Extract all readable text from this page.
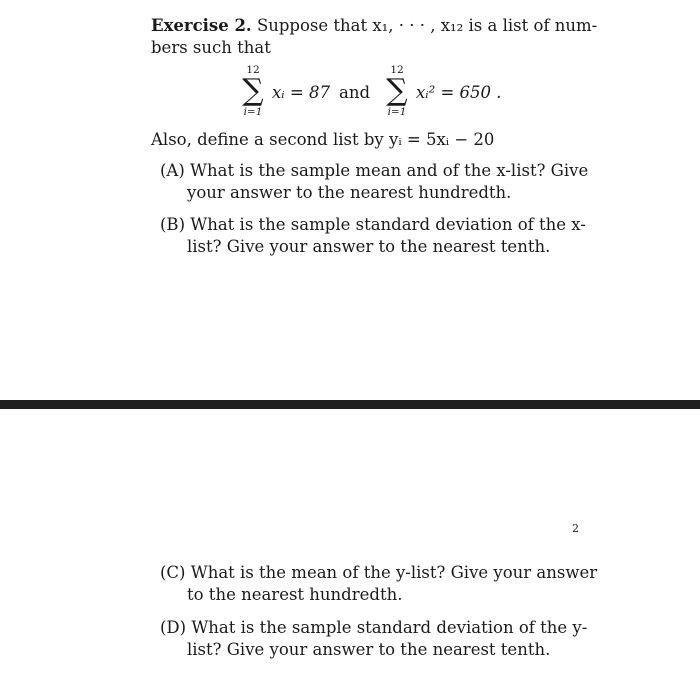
Exercise 2. Suppose that x₁, · · · , x₁₂ is a list of num-
bers such that
12
∑
i=1
xᵢ = 87 and
12
∑
i=1
xᵢ² = 650 .
Also, define a second list by yᵢ = 5xᵢ − 20
(A) What is the sample mean and of the x-list? Give
your answer to the nearest hundredth.
(B) What is the sample standard deviation of the x-
list? Give your answer to the nearest tenth.
2
(C) What is the mean of the y-list? Give your answer
to the nearest hundredth.
(D) What is the sample standard deviation of the y-
list? Give your answer to the nearest tenth.
